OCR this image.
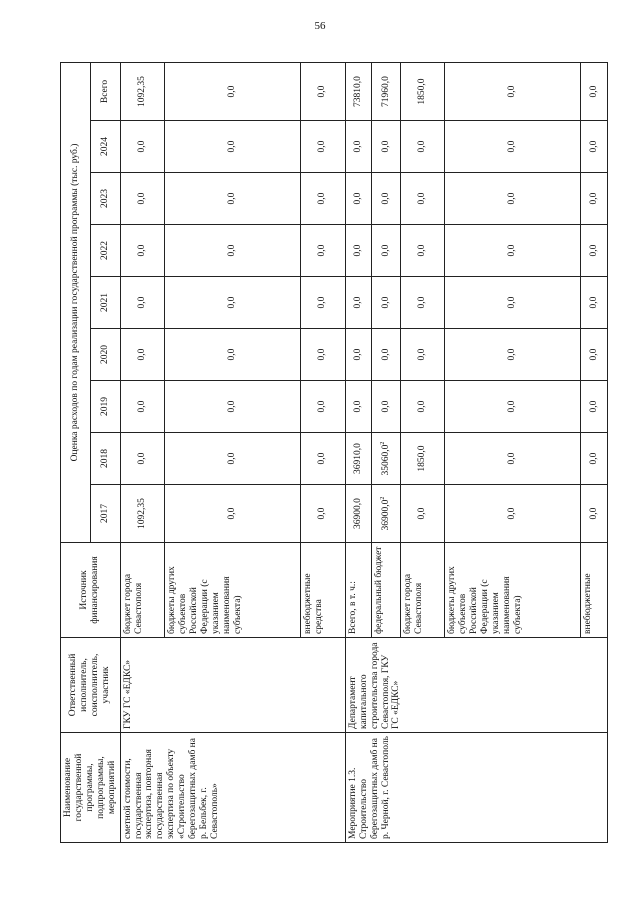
56
Наименование государственной программы, подпрограммы, мероприятий	Ответственный исполнитель, соисполнитель, участник	Источник финансирования	Оценка расходов по годам реализации государственной программы (тыс. руб.)								
			2017	2018	2019	2020	2021	2022	2023	2024	Всего
сметной стоимости, государственная экспертиза, повторная государственная экспертиза по объекту «Строительство берегозащитных дамб на р. Бельбек, г. Севастополь»	ГКУ ГС «ЕДКС»	бюджет города Севастополя	1092,35	0,0	0,0	0,0	0,0	0,0	0,0	0,0	1092,35
		бюджеты других субъектов Российской Федерации (с указанием наименования субъекта)	0,0	0,0	0,0	0,0	0,0	0,0	0,0	0,0	0,0
		внебюджетные средства	0,0	0,0	0,0	0,0	0,0	0,0	0,0	0,0	0,0
Мероприятие 1.3. Строительство берегозащитных дамб на р. Черной, г. Севастополь	Департамент капитального строительства города Севастополя, ГКУ ГС «ЕДКС»	Всего, в т. ч.:	36900,0	36910,0	0,0	0,0	0,0	0,0	0,0	0,0	73810,0
		федеральный бюджет	36900,0$^2$	35060,0$^2$	0,0	0,0	0,0	0,0	0,0	0,0	71960,0
		бюджет города Севастополя	0,0	1850,0	0,0	0,0	0,0	0,0	0,0	0,0	1850,0
		бюджеты других субъектов Российской Федерации (с указанием наименования субъекта)	0,0	0,0	0,0	0,0	0,0	0,0	0,0	0,0	0,0
		внебюджетные	0,0	0,0	0,0	0,0	0,0	0,0	0,0	0,0	0,0
